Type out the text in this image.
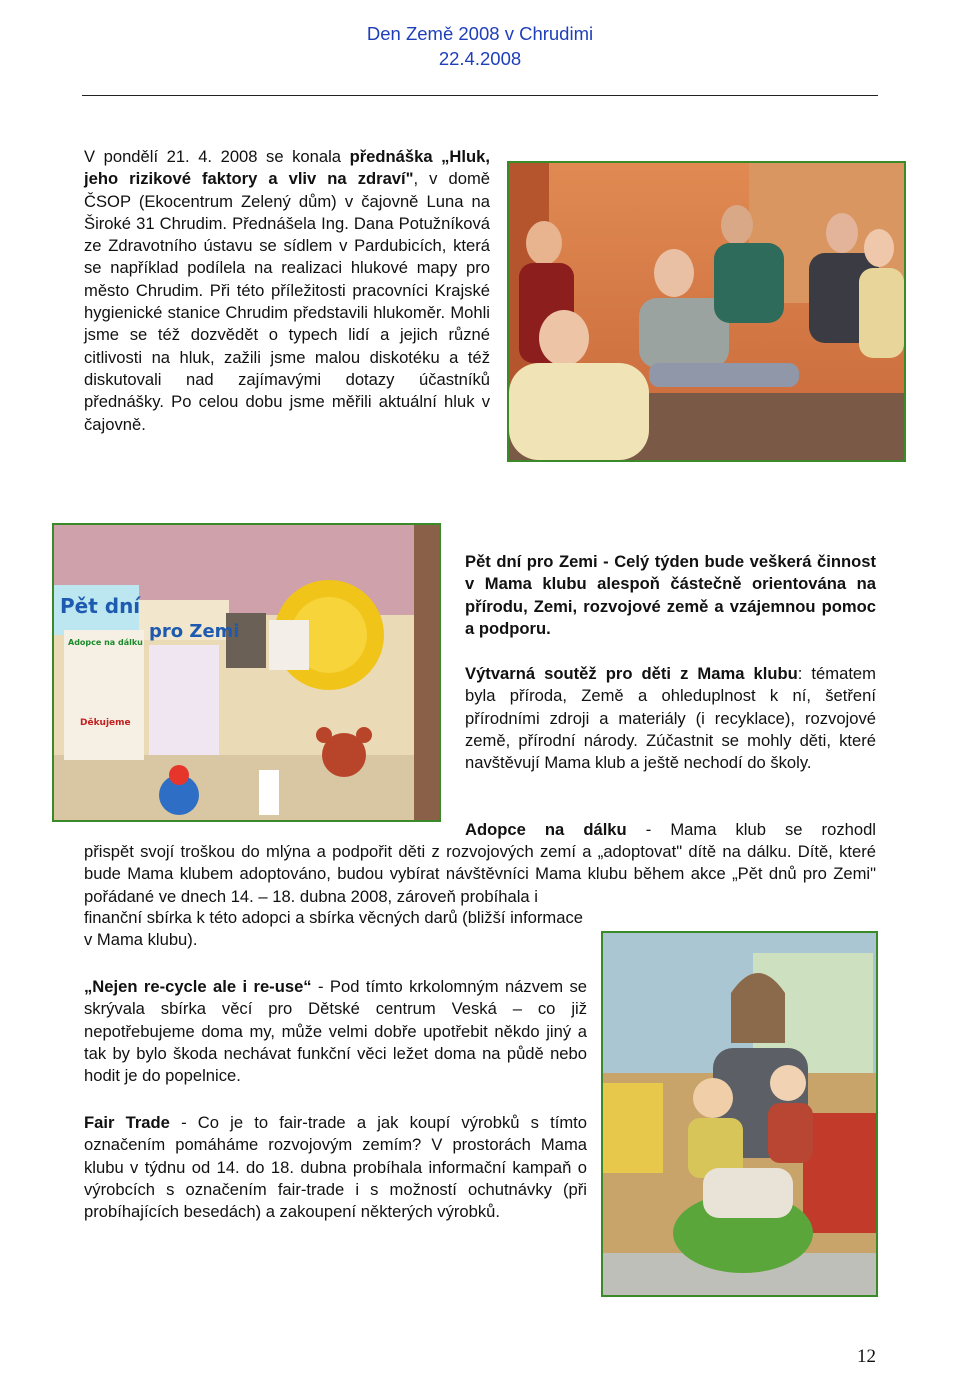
Den Země 2008 v Chrudimi
22.4.2008

V pondělí 21. 4. 2008 se konala přednáška „Hluk, jeho rizikové faktory a vliv na zdraví", v domě ČSOP (Ekocentrum Zelený dům) v čajovně Luna na Široké 31 Chrudim. Přednášela Ing. Dana Potužníková ze Zdravotního ústavu se sídlem v Pardubicích, která se například podílela na realizaci hlukové mapy pro město Chrudim. Při této příležitosti pracovníci Krajské hygienické stanice Chrudim představili hlukoměr. Mohli jsme se též dozvědět o typech lidí a jejich různé citlivosti na hluk, zažili jsme malou diskotéku a též diskutovali nad zajímavými dotazy účastníků přednášky. Po celou dobu jsme měřili aktuální hluk v čajovně.

Pět dní
pro Zemi
Adopce na dálku
Děkujeme

Pět dní pro Zemi - Celý týden bude veškerá činnost v Mama klubu alespoň částečně orientována na přírodu, Zemi, rozvojové země a vzájemnou pomoc a podporu.

Výtvarná soutěž pro děti z Mama klubu: tématem byla příroda, Země a ohleduplnost k ní, šetření přírodními zdroji a materiály (i recyklace), rozvojové země, přírodní národy. Zúčastnit se mohly děti, které navštěvují Mama klub a ještě nechodí do školy.

Adopce na dálku - Mama klub se rozhodl

přispět svojí troškou do mlýna a podpořit děti z rozvojových zemí a „adoptovat" dítě na dálku. Dítě, které bude Mama klubem adoptováno, budou vybírat návštěvníci Mama klubu během akce „Pět dnů pro Zemi" pořádané ve dnech 14. – 18. dubna 2008, zároveň probíhala i

finanční sbírka k této adopci a sbírka věcných darů (bližší informace v Mama klubu).

„Nejen re-cycle ale i re-use“ - Pod tímto krkolomným názvem se skrývala sbírka věcí pro Dětské centrum Veská – co již nepotřebujeme doma my, může velmi dobře upotřebit někdo jiný a tak by bylo škoda nechávat funkční věci ležet doma na půdě nebo hodit je do popelnice.

Fair Trade - Co je to fair-trade a jak koupí výrobků s tímto označením pomáháme rozvojovým zemím? V prostorách Mama klubu v týdnu od 14. do 18. dubna probíhala informační kampaň o výrobcích s označením fair-trade i s možností ochutnávky (při probíhajících besedách) a zakoupení některých výrobků.

12
